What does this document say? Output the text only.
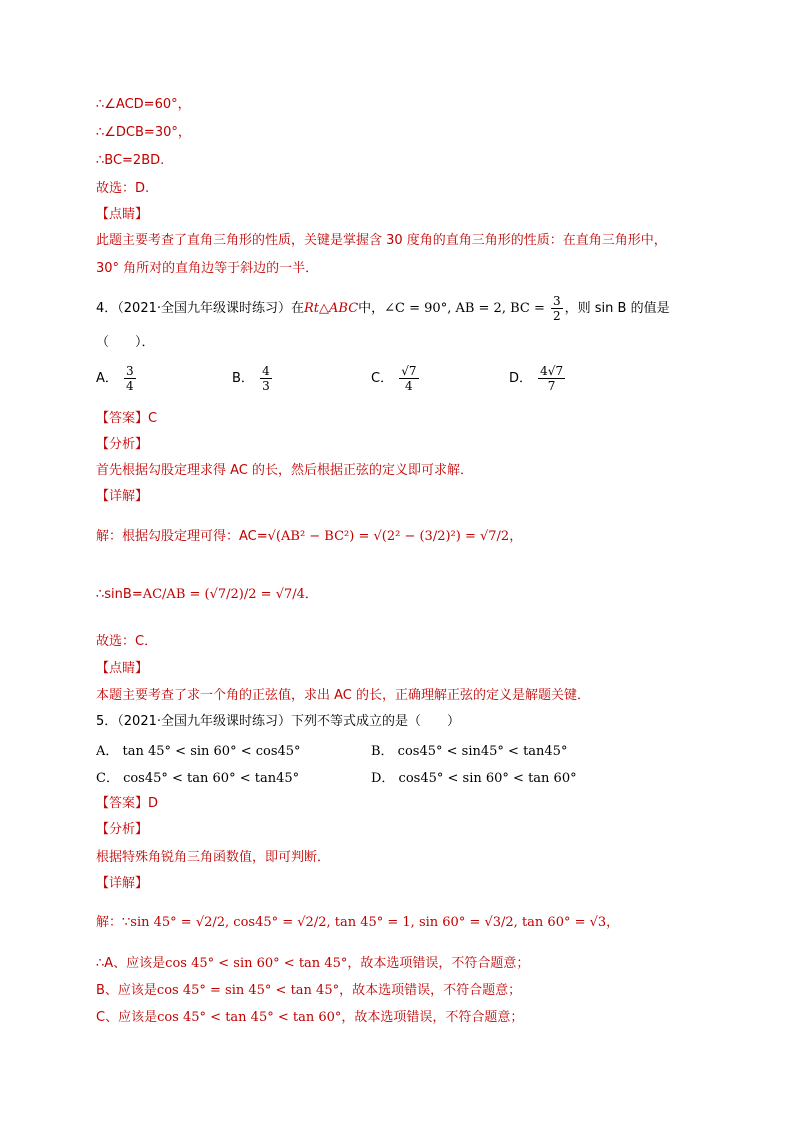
∴∠ACD=60°，
∴∠DCB=30°，
∴BC=2BD.
故选：D.
【点睛】
此题主要考查了直角三角形的性质，关键是掌握含 30 度角的直角三角形的性质：在直角三角形中，
30° 角所对的直角边等于斜边的一半．
4．（2021·全国九年级课时练习）在Rt△ABC中，∠C = 90°, AB = 2, BC = $\frac{3}{2}$ ，则 sin B 的值是
（　　）．
A． $\frac{3}{4}$	B． $\frac{4}{3}$	C． $\frac{√7}{4}$	D． $\frac{4√7}{7}$
【答案】C
【分析】
首先根据勾股定理求得 AC 的长，然后根据正弦的定义即可求解．
【详解】
解：根据勾股定理可得：AC=√(AB² − BC²) = √(2² − (3/2)²) = √7/2，
∴sinB=AC/AB = (√7/2)/2 = √7/4．
故选：C．
【点睛】
本题主要考查了求一个角的正弦值，求出 AC 的长，正确理解正弦的定义是解题关键．
5．（2021·全国九年级课时练习）下列不等式成立的是（　　）
A． tan 45° < sin 60° < cos45°	B． cos45° < sin45° < tan45°
C． cos45° < tan 60° < tan45°	D． cos45° < sin 60° < tan 60°
【答案】D
【分析】
根据特殊角锐角三角函数值，即可判断．
【详解】
解：∵sin 45° = √2/2, cos45° = √2/2, tan 45° = 1, sin 60° = √3/2, tan 60° = √3，
∴A、应该是cos 45° < sin 60° < tan 45°，故本选项错误，不符合题意；
B、应该是cos 45° = sin 45° < tan 45°，故本选项错误，不符合题意；
C、应该是cos 45° < tan 45° < tan 60°，故本选项错误，不符合题意；
